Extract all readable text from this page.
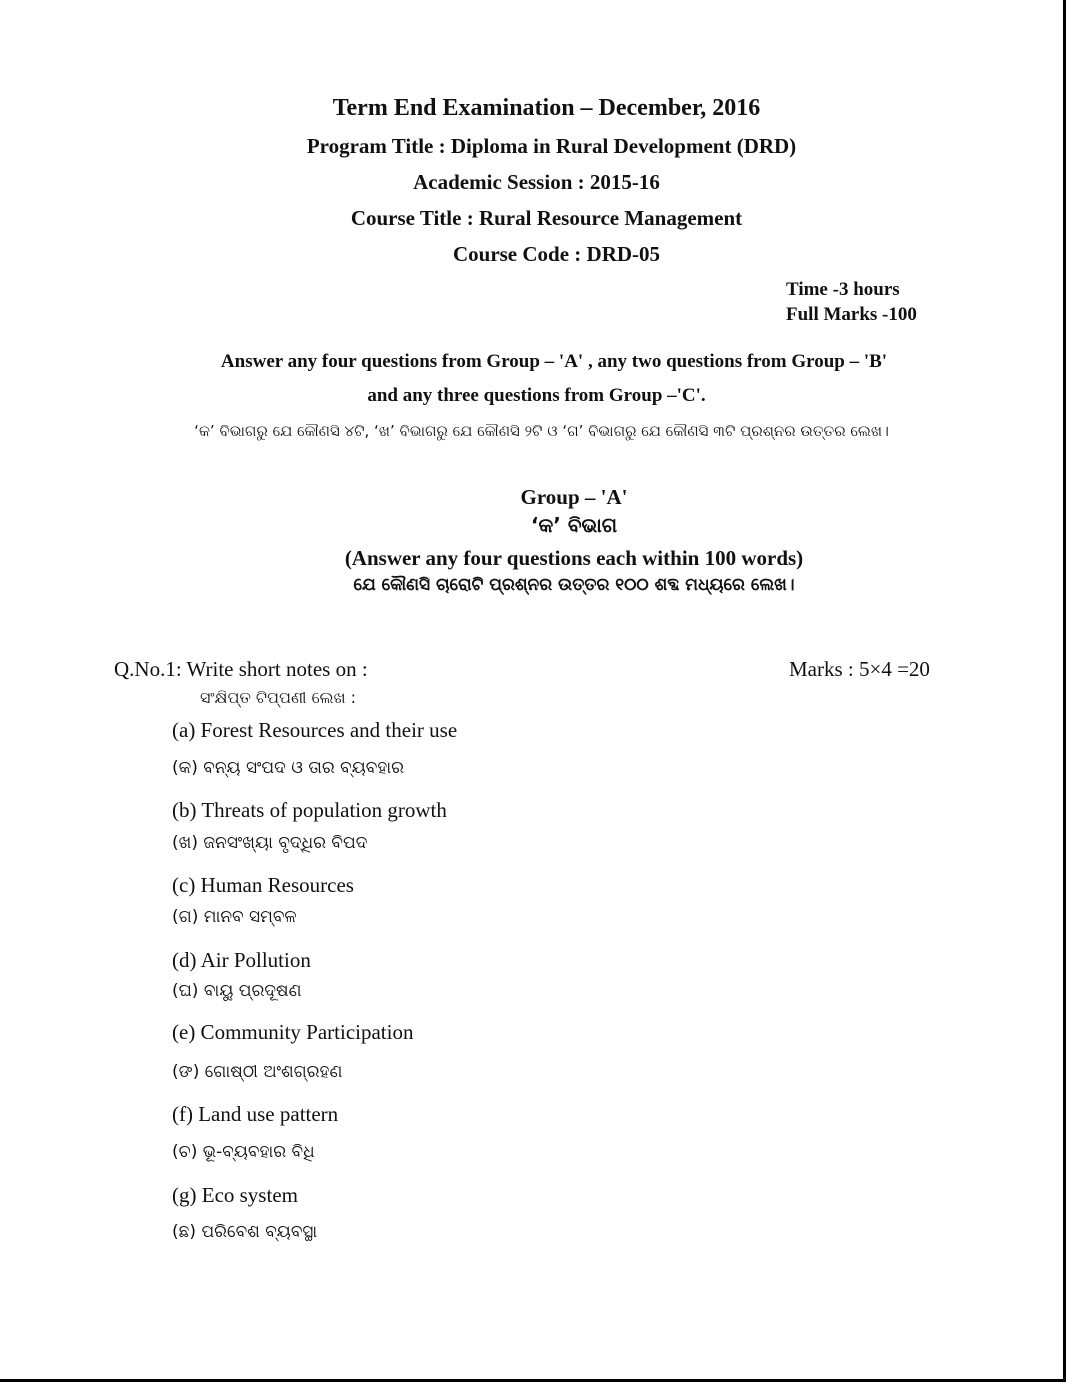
Term End Examination – December, 2016
Program Title : Diploma in Rural Development (DRD)
Academic Session : 2015-16
Course Title : Rural Resource Management
Course Code : DRD-05
Time -3 hours
Full Marks -100
Answer any four questions from Group – 'A' , any two questions from Group – 'B'
and any three questions from Group –'C'.
‘କ’ ବିଭାଗରୁ ଯେ କୌଣସି ୪ଟି, ‘ଖ’ ବିଭାଗରୁ ଯେ କୌଣସି ୨ଟି ଓ ‘ଗ’ ବିଭାଗରୁ ଯେ କୌଣସି ୩ଟି ପ୍ରଶ୍ନର ଉତ୍ତର ଲେଖ।
Group – 'A'
‘କ’ ବିଭାଗ
(Answer any four questions each within 100 words)
ଯେ କୌଣସି ଚାରୋଟି ପ୍ରଶ୍ନର ଉତ୍ତର ୧୦୦ ଶବ୍ଦ ମଧ୍ୟରେ ଲେଖ।
Q.No.1: Write short notes on :	Marks : 5×4 =20
ସଂକ୍ଷିପ୍ତ ଟିପ୍ପଣୀ ଲେଖ :
(a) Forest Resources and their use
(କ) ବନ୍ୟ ସଂପଦ ଓ ତାର ବ୍ୟବହାର
(b) Threats of population growth
(ଖ) ଜନସଂଖ୍ୟା ବୃଦ୍ଧିର ବିପଦ
(c) Human Resources
(ଗ) ମାନବ ସମ୍ବଳ
(d) Air Pollution
(ଘ) ବାୟୁ ପ୍ରଦୂଷଣ
(e) Community Participation
(ଙ) ଗୋଷ୍ଠୀ ଅଂଶଗ୍ରହଣ
(f) Land use pattern
(ଚ) ଭୂ-ବ୍ୟବହାର ବିଧି
(g) Eco system
(ଛ) ପରିବେଶ ବ୍ୟବସ୍ଥା
